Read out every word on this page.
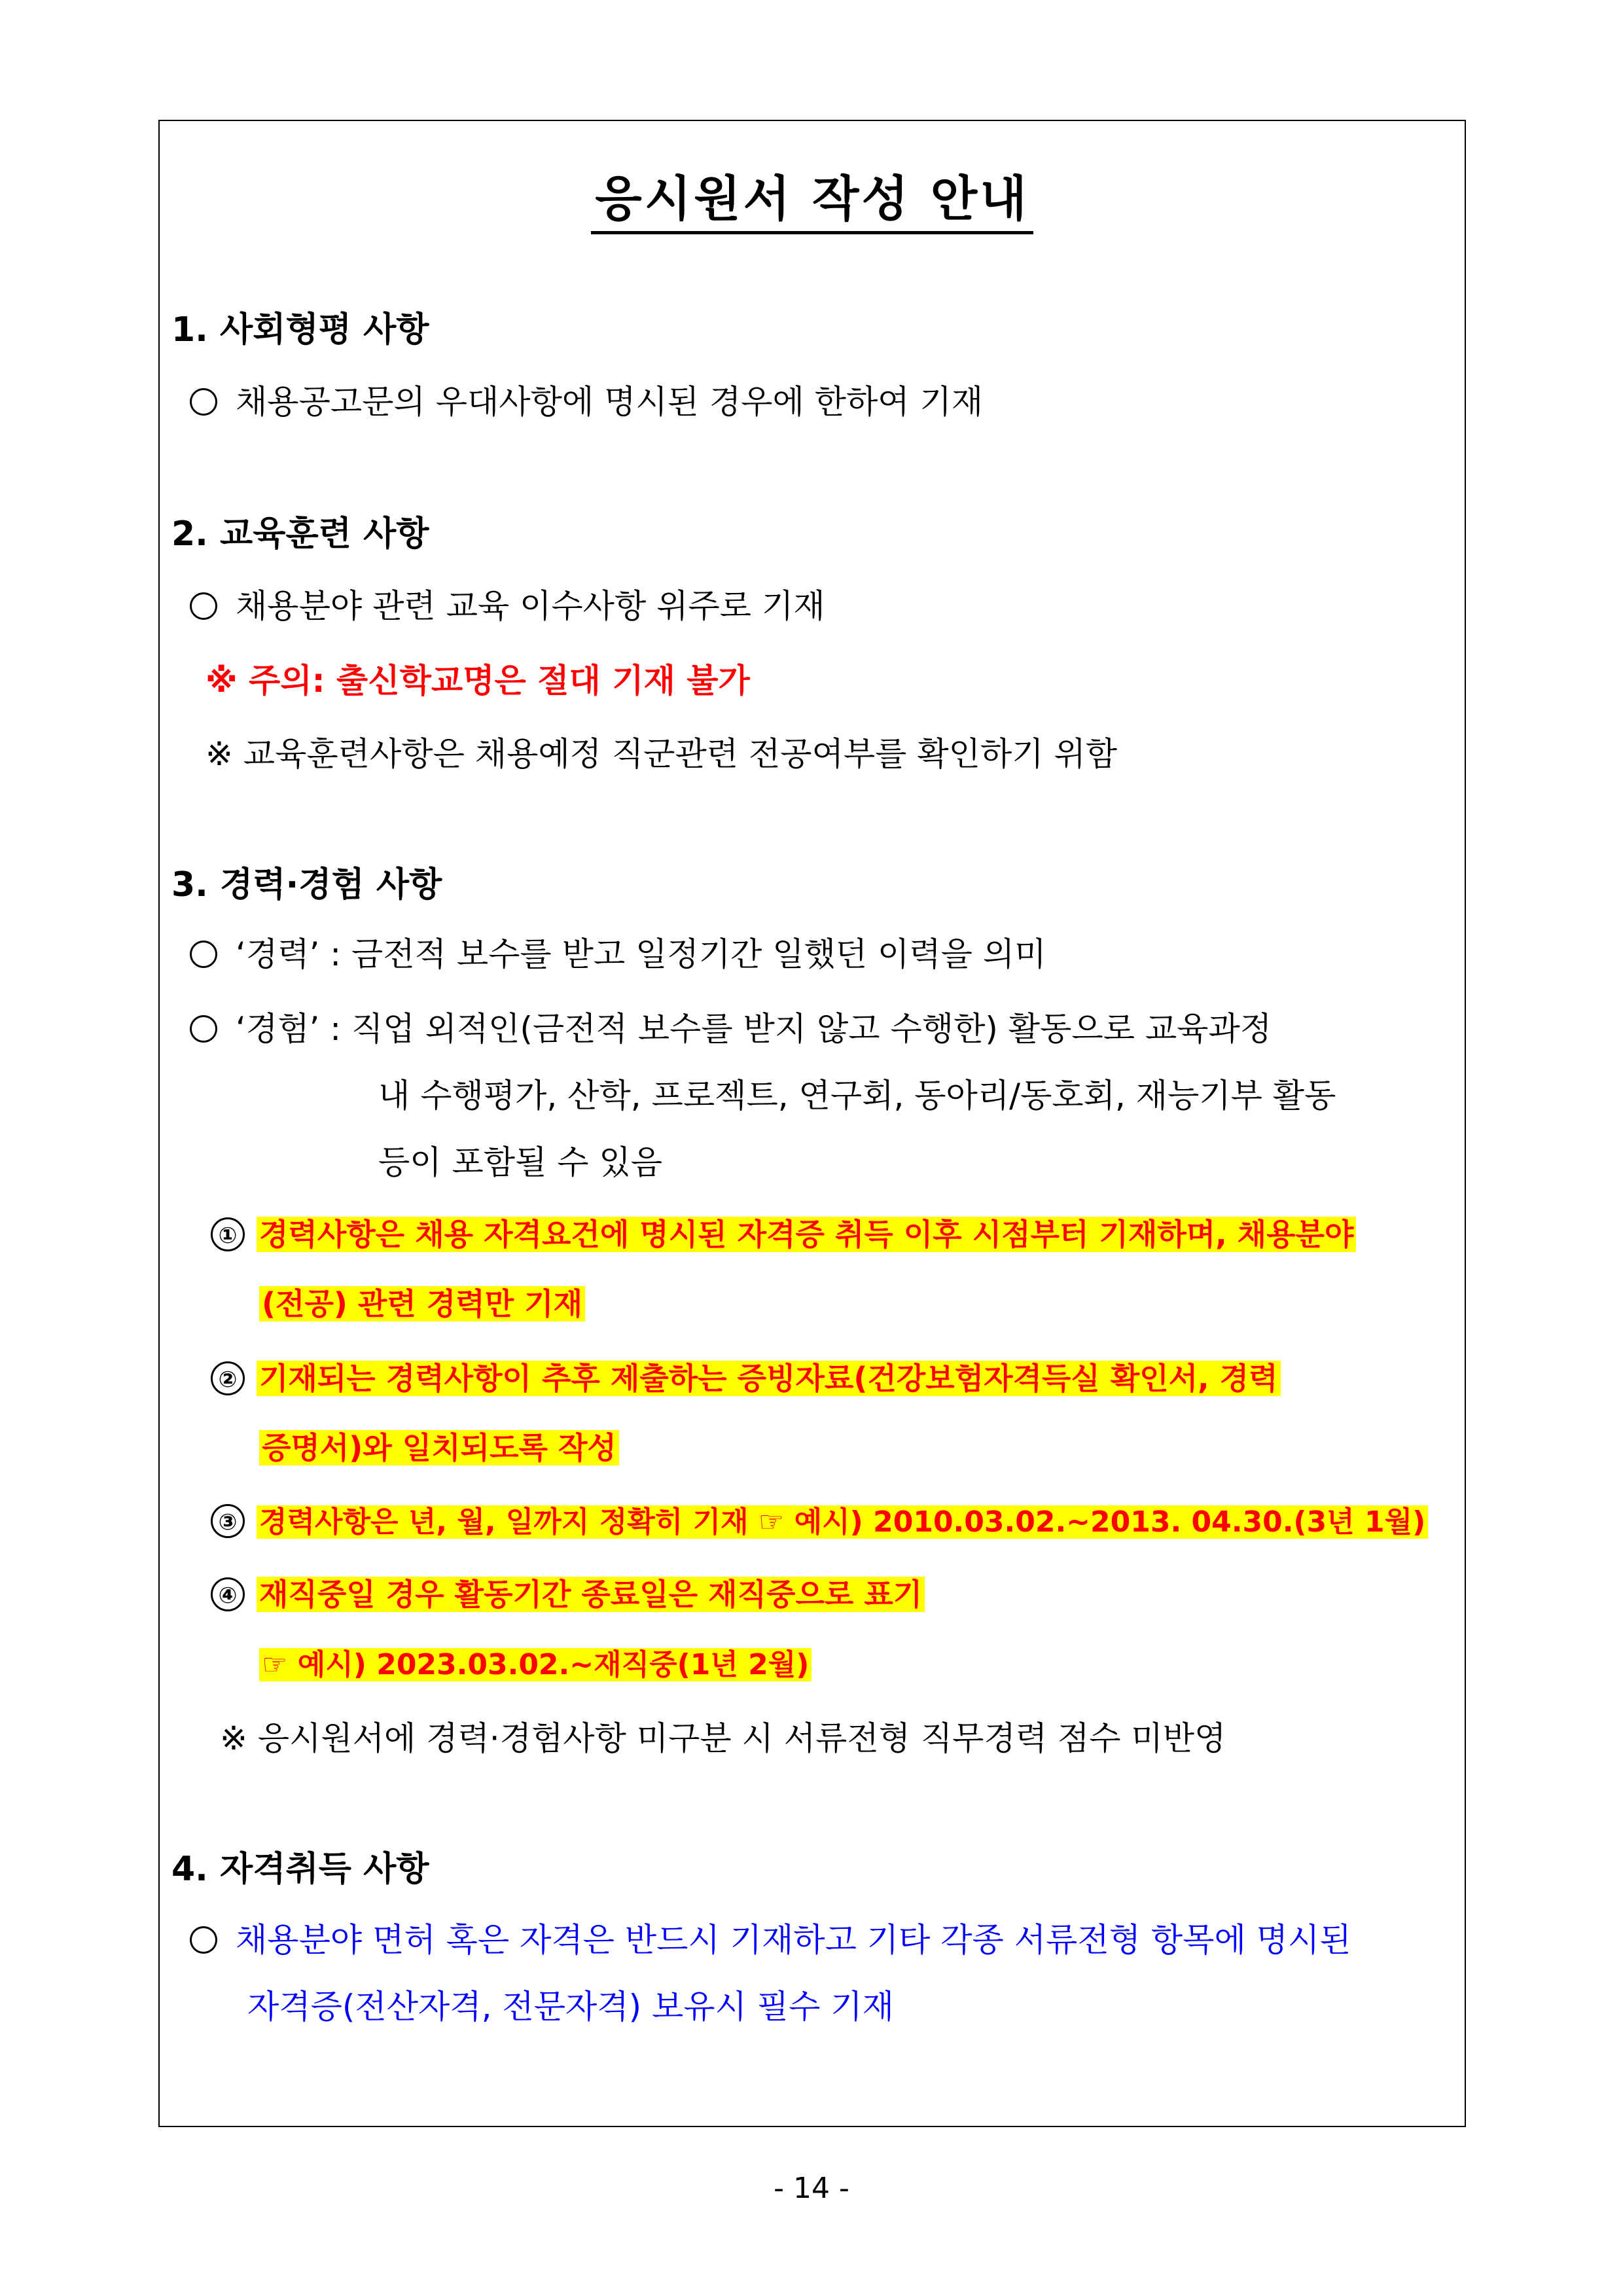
응시원서 작성 안내
1. 사회형평 사항
채용공고문의 우대사항에 명시된 경우에 한하여 기재
2. 교육훈련 사항
채용분야 관련 교육 이수사항 위주로 기재
※ 주의: 출신학교명은 절대 기재 불가
※ 교육훈련사항은 채용예정 직군관련 전공여부를 확인하기 위함
3. 경력·경험 사항
‘경력’ : 금전적 보수를 받고 일정기간 일했던 이력을 의미
‘경험’ : 직업 외적인(금전적 보수를 받지 않고 수행한) 활동으로 교육과정
내 수행평가, 산학, 프로젝트, 연구회, 동아리/동호회, 재능기부 활동
등이 포함될 수 있음
① 경력사항은 채용 자격요건에 명시된 자격증 취득 이후 시점부터 기재하며, 채용분야
(전공) 관련 경력만 기재
② 기재되는 경력사항이 추후 제출하는 증빙자료(건강보험자격득실 확인서, 경력
증명서)와 일치되도록 작성
③ 경력사항은 년, 월, 일까지 정확히 기재 ☞ 예시) 2010.03.02.~2013. 04.30.(3년 1월)
④ 재직중일 경우 활동기간 종료일은 재직중으로 표기
☞ 예시) 2023.03.02.~재직중(1년 2월)
※ 응시원서에 경력·경험사항 미구분 시 서류전형 직무경력 점수 미반영
4. 자격취득 사항
채용분야 면허 혹은 자격은 반드시 기재하고 기타 각종 서류전형 항목에 명시된
자격증(전산자격, 전문자격) 보유시 필수 기재
- 14 -
